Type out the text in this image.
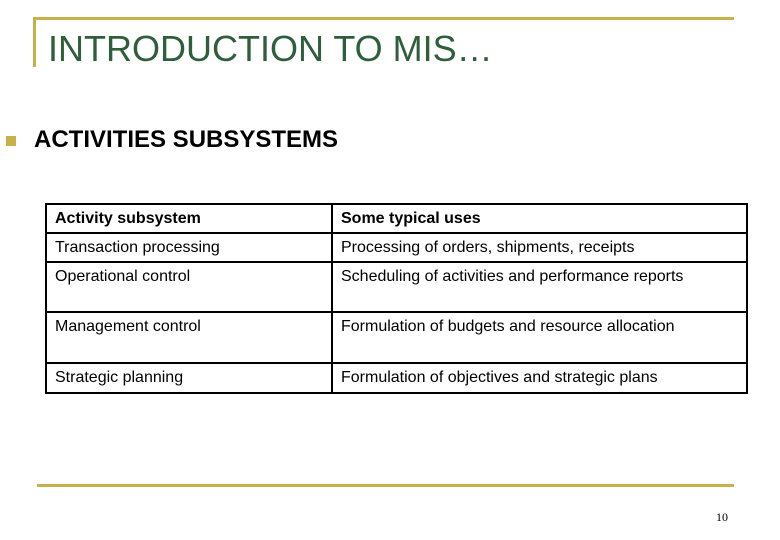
INTRODUCTION TO MIS…
ACTIVITIES SUBSYSTEMS
Activity subsystem	Some typical uses
Transaction processing	Processing of orders, shipments, receipts
Operational control	Scheduling of activities and performance reports
Management control	Formulation of budgets and resource allocation
Strategic planning	Formulation of objectives and strategic plans
10
